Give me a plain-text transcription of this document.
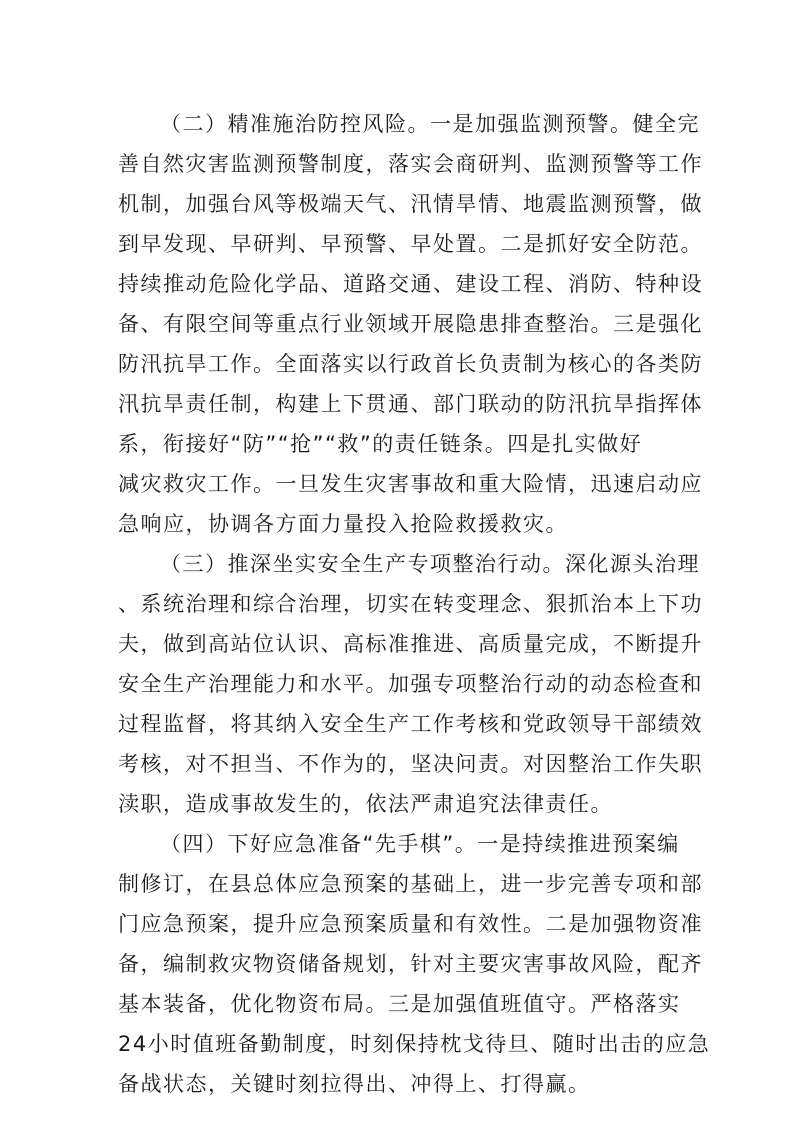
（二）精准施治防控风险。一是加强监测预警。健全完
善自然灾害监测预警制度，落实会商研判、监测预警等工作
机制，加强台风等极端天气、汛情旱情、地震监测预警，做
到早发现、早研判、早预警、早处置。二是抓好安全防范。
持续推动危险化学品、道路交通、建设工程、消防、特种设
备、有限空间等重点行业领域开展隐患排查整治。三是强化
防汛抗旱工作。全面落实以行政首长负责制为核心的各类防
汛抗旱责任制，构建上下贯通、部门联动的防汛抗旱指挥体
系，衔接好“防”“抢”“救”的责任链条。四是扎实做好
减灾救灾工作。一旦发生灾害事故和重大险情，迅速启动应
急响应，协调各方面力量投入抢险救援救灾。
（三）推深坐实安全生产专项整治行动。深化源头治理
、系统治理和综合治理，切实在转变理念、狠抓治本上下功
夫，做到高站位认识、高标准推进、高质量完成，不断提升
安全生产治理能力和水平。加强专项整治行动的动态检查和
过程监督，将其纳入安全生产工作考核和党政领导干部绩效
考核，对不担当、不作为的，坚决问责。对因整治工作失职
渎职，造成事故发生的，依法严肃追究法律责任。
（四）下好应急准备“先手棋”。一是持续推进预案编
制修订，在县总体应急预案的基础上，进一步完善专项和部
门应急预案，提升应急预案质量和有效性。二是加强物资准
备，编制救灾物资储备规划，针对主要灾害事故风险，配齐
基本装备，优化物资布局。三是加强值班值守。严格落实
24小时值班备勤制度，时刻保持枕戈待旦、随时出击的应急
备战状态，关键时刻拉得出、冲得上、打得赢。
